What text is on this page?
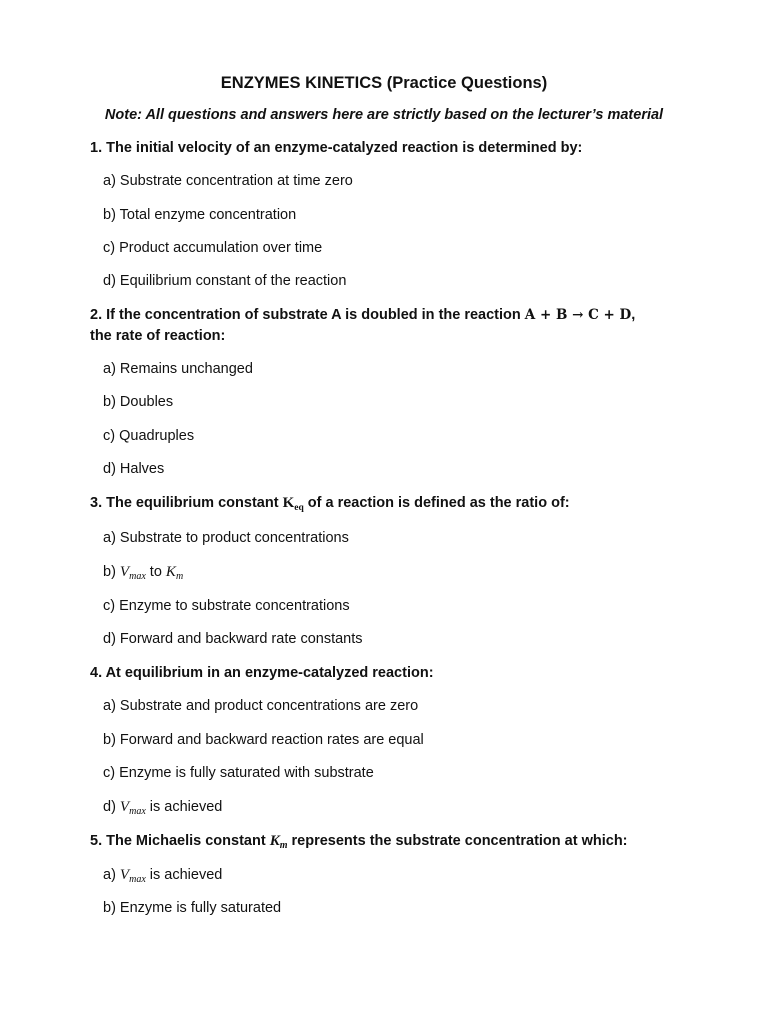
ENZYMES KINETICS (Practice Questions)
Note: All questions and answers here are strictly based on the lecturer’s material
1. The initial velocity of an enzyme-catalyzed reaction is determined by:
a) Substrate concentration at time zero
b) Total enzyme concentration
c) Product accumulation over time
d) Equilibrium constant of the reaction
2. If the concentration of substrate A is doubled in the reaction A + B → C + D,
the rate of reaction:
a) Remains unchanged
b) Doubles
c) Quadruples
d) Halves
3. The equilibrium constant $K_{eq}$ of a reaction is defined as the ratio of:
a) Substrate to product concentrations
b) $V_{max}$ to $K_m$
c) Enzyme to substrate concentrations
d) Forward and backward rate constants
4. At equilibrium in an enzyme-catalyzed reaction:
a) Substrate and product concentrations are zero
b) Forward and backward reaction rates are equal
c) Enzyme is fully saturated with substrate
d) $V_{max}$ is achieved
5. The Michaelis constant $K_m$ represents the substrate concentration at which:
a) $V_{max}$ is achieved
b) Enzyme is fully saturated
